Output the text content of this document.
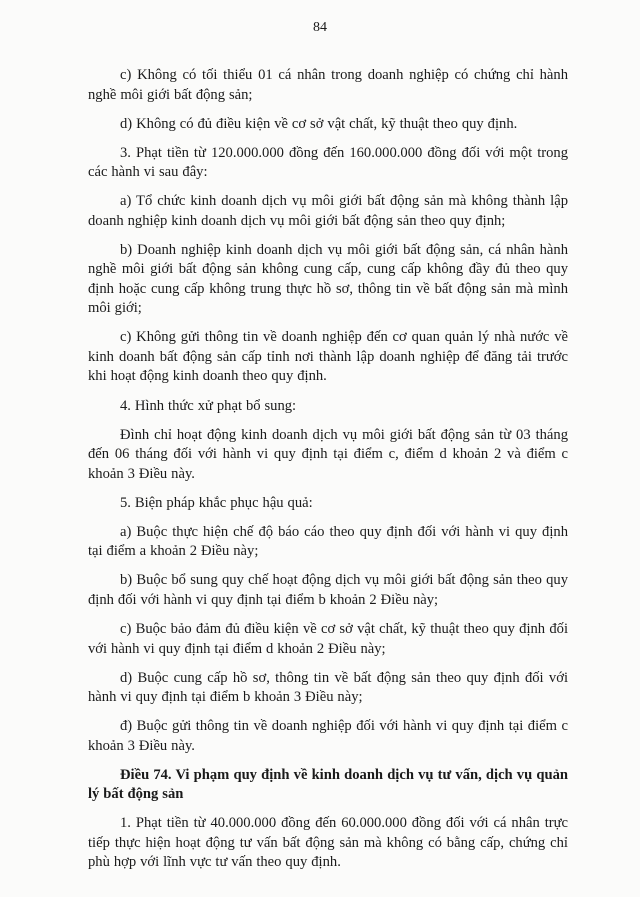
84

c) Không có tối thiểu 01 cá nhân trong doanh nghiệp có chứng chỉ hành nghề môi giới bất động sản;

d) Không có đủ điều kiện về cơ sở vật chất, kỹ thuật theo quy định.

3. Phạt tiền từ 120.000.000 đồng đến 160.000.000 đồng đối với một trong các hành vi sau đây:

a) Tổ chức kinh doanh dịch vụ môi giới bất động sản mà không thành lập doanh nghiệp kinh doanh dịch vụ môi giới bất động sản theo quy định;

b) Doanh nghiệp kinh doanh dịch vụ môi giới bất động sản, cá nhân hành nghề môi giới bất động sản không cung cấp, cung cấp không đầy đủ theo quy định hoặc cung cấp không trung thực hồ sơ, thông tin về bất động sản mà mình môi giới;

c) Không gửi thông tin về doanh nghiệp đến cơ quan quản lý nhà nước về kinh doanh bất động sản cấp tỉnh nơi thành lập doanh nghiệp để đăng tải trước khi hoạt động kinh doanh theo quy định.

4. Hình thức xử phạt bổ sung:

Đình chỉ hoạt động kinh doanh dịch vụ môi giới bất động sản từ 03 tháng đến 06 tháng đối với hành vi quy định tại điểm c, điểm d khoản 2 và điểm c khoản 3 Điều này.

5. Biện pháp khắc phục hậu quả:

a) Buộc thực hiện chế độ báo cáo theo quy định đối với hành vi quy định tại điểm a khoản 2 Điều này;

b) Buộc bổ sung quy chế hoạt động dịch vụ môi giới bất động sản theo quy định đối với hành vi quy định tại điểm b khoản 2 Điều này;

c) Buộc bảo đảm đủ điều kiện về cơ sở vật chất, kỹ thuật theo quy định đối với hành vi quy định tại điểm d khoản 2 Điều này;

d) Buộc cung cấp hồ sơ, thông tin về bất động sản theo quy định đối với hành vi quy định tại điểm b khoản 3 Điều này;

đ) Buộc gửi thông tin về doanh nghiệp đối với hành vi quy định tại điểm c khoản 3 Điều này.

Điều 74. Vi phạm quy định về kinh doanh dịch vụ tư vấn, dịch vụ quản lý bất động sản

1. Phạt tiền từ 40.000.000 đồng đến 60.000.000 đồng đối với cá nhân trực tiếp thực hiện hoạt động tư vấn bất động sản mà không có bằng cấp, chứng chỉ phù hợp với lĩnh vực tư vấn theo quy định.
